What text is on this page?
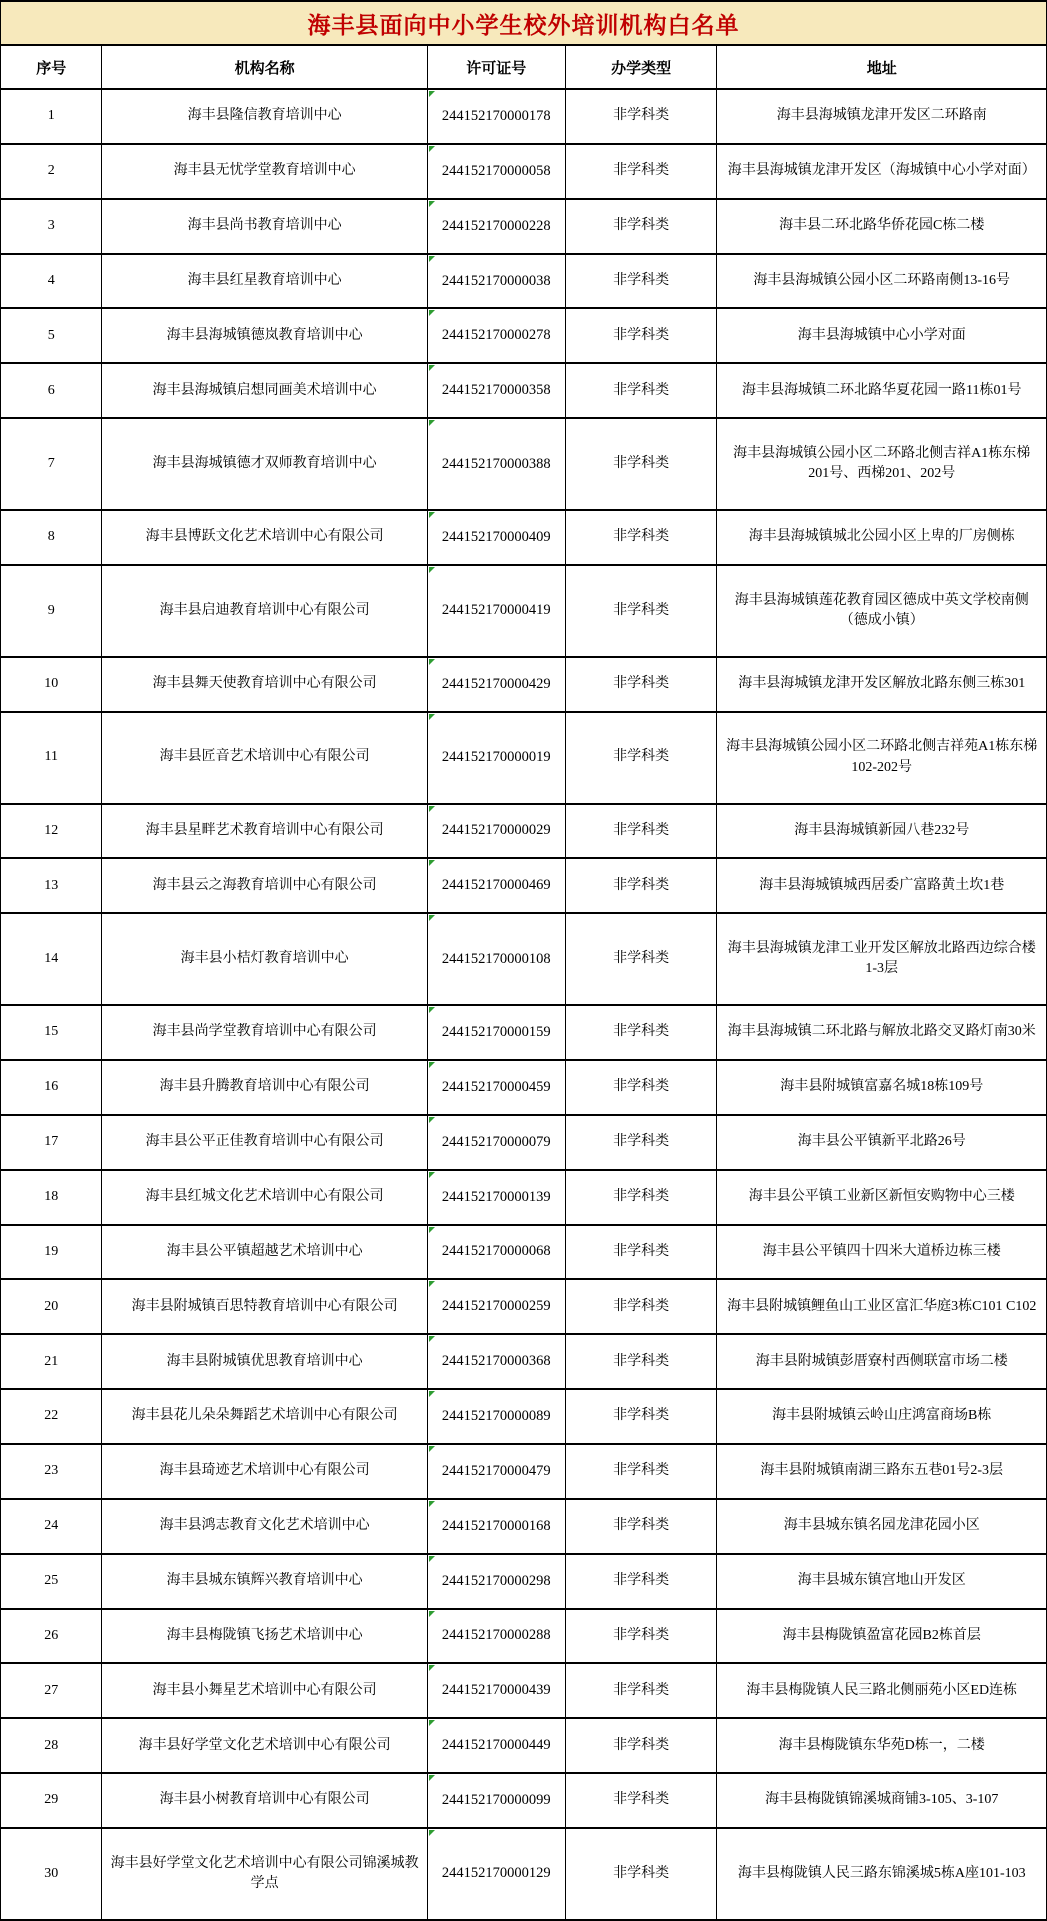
海丰县面向中小学生校外培训机构白名单				
序号	机构名称	许可证号	办学类型	地址
1	海丰县隆信教育培训中心	244152170000178	非学科类	海丰县海城镇龙津开发区二环路南
2	海丰县无忧学堂教育培训中心	244152170000058	非学科类	海丰县海城镇龙津开发区（海城镇中心小学对面）
3	海丰县尚书教育培训中心	244152170000228	非学科类	海丰县二环北路华侨花园C栋二楼
4	海丰县红星教育培训中心	244152170000038	非学科类	海丰县海城镇公园小区二环路南侧13-16号
5	海丰县海城镇德岚教育培训中心	244152170000278	非学科类	海丰县海城镇中心小学对面
6	海丰县海城镇启想同画美术培训中心	244152170000358	非学科类	海丰县海城镇二环北路华夏花园一路11栋01号
7	海丰县海城镇德才双师教育培训中心	244152170000388	非学科类	海丰县海城镇公园小区二环路北侧吉祥A1栋东梯201号、西梯201、202号
8	海丰县博跃文化艺术培训中心有限公司	244152170000409	非学科类	海丰县海城镇城北公园小区上卑的厂房侧栋
9	海丰县启迪教育培训中心有限公司	244152170000419	非学科类	海丰县海城镇莲花教育园区德成中英文学校南侧（德成小镇）
10	海丰县舞天使教育培训中心有限公司	244152170000429	非学科类	海丰县海城镇龙津开发区解放北路东侧三栋301
11	海丰县匠音艺术培训中心有限公司	244152170000019	非学科类	海丰县海城镇公园小区二环路北侧吉祥苑A1栋东梯102-202号
12	海丰县星畔艺术教育培训中心有限公司	244152170000029	非学科类	海丰县海城镇新园八巷232号
13	海丰县云之海教育培训中心有限公司	244152170000469	非学科类	海丰县海城镇城西居委广富路黄土坎1巷
14	海丰县小桔灯教育培训中心	244152170000108	非学科类	海丰县海城镇龙津工业开发区解放北路西边综合楼1-3层
15	海丰县尚学堂教育培训中心有限公司	244152170000159	非学科类	海丰县海城镇二环北路与解放北路交叉路灯南30米
16	海丰县升腾教育培训中心有限公司	244152170000459	非学科类	海丰县附城镇富嘉名城18栋109号
17	海丰县公平正佳教育培训中心有限公司	244152170000079	非学科类	海丰县公平镇新平北路26号
18	海丰县红城文化艺术培训中心有限公司	244152170000139	非学科类	海丰县公平镇工业新区新恒安购物中心三楼
19	海丰县公平镇超越艺术培训中心	244152170000068	非学科类	海丰县公平镇四十四米大道桥边栋三楼
20	海丰县附城镇百思特教育培训中心有限公司	244152170000259	非学科类	海丰县附城镇鲤鱼山工业区富汇华庭3栋C101 C102
21	海丰县附城镇优思教育培训中心	244152170000368	非学科类	海丰县附城镇彭厝寮村西侧联富市场二楼
22	海丰县花儿朵朵舞蹈艺术培训中心有限公司	244152170000089	非学科类	海丰县附城镇云岭山庄鸿富商场B栋
23	海丰县琦迹艺术培训中心有限公司	244152170000479	非学科类	海丰县附城镇南湖三路东五巷01号2-3层
24	海丰县鸿志教育文化艺术培训中心	244152170000168	非学科类	海丰县城东镇名园龙津花园小区
25	海丰县城东镇辉兴教育培训中心	244152170000298	非学科类	海丰县城东镇宫地山开发区
26	海丰县梅陇镇飞扬艺术培训中心	244152170000288	非学科类	海丰县梅陇镇盈富花园B2栋首层
27	海丰县小舞星艺术培训中心有限公司	244152170000439	非学科类	海丰县梅陇镇人民三路北侧丽苑小区ED连栋
28	海丰县好学堂文化艺术培训中心有限公司	244152170000449	非学科类	海丰县梅陇镇东华苑D栋一，二楼
29	海丰县小树教育培训中心有限公司	244152170000099	非学科类	海丰县梅陇镇锦溪城商铺3-105、3-107
30	海丰县好学堂文化艺术培训中心有限公司锦溪城教学点	244152170000129	非学科类	海丰县梅陇镇人民三路东锦溪城5栋A座101-103
